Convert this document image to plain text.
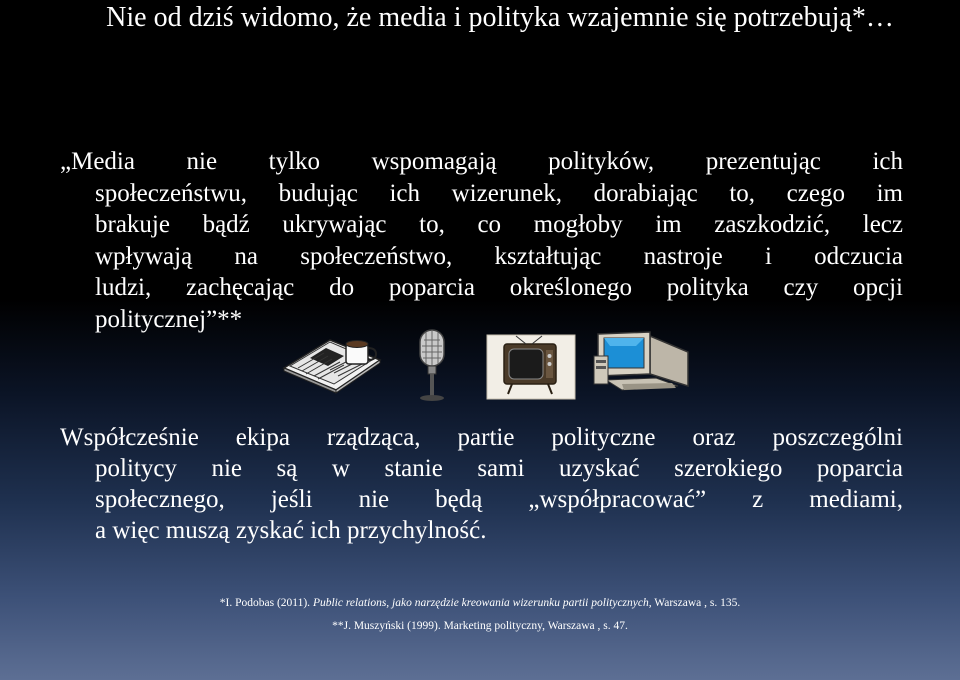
Nie od dziś widomo, że media i polityka wzajemnie się potrzebują*…
„Media nie tylko wspomagają polityków, prezentując ich
społeczeństwu, budując ich wizerunek, dorabiając to, czego im
brakuje bądź ukrywając to, co mogłoby im zaszkodzić, lecz
wpływają na społeczeństwo, kształtując nastroje i odczucia
ludzi, zachęcając do poparcia określonego polityka czy opcji
politycznej”**
Współcześnie ekipa rządząca, partie polityczne oraz poszczególni
politycy nie są w stanie sami uzyskać szerokiego poparcia
społecznego, jeśli nie będą „współpracować” z mediami,
a więc muszą zyskać ich przychylność.
*I. Podobas (2011). Public relations, jako narzędzie kreowania wizerunku partii politycznych, Warszawa , s. 135.
**J. Muszyński (1999). Marketing polityczny, Warszawa , s. 47.
